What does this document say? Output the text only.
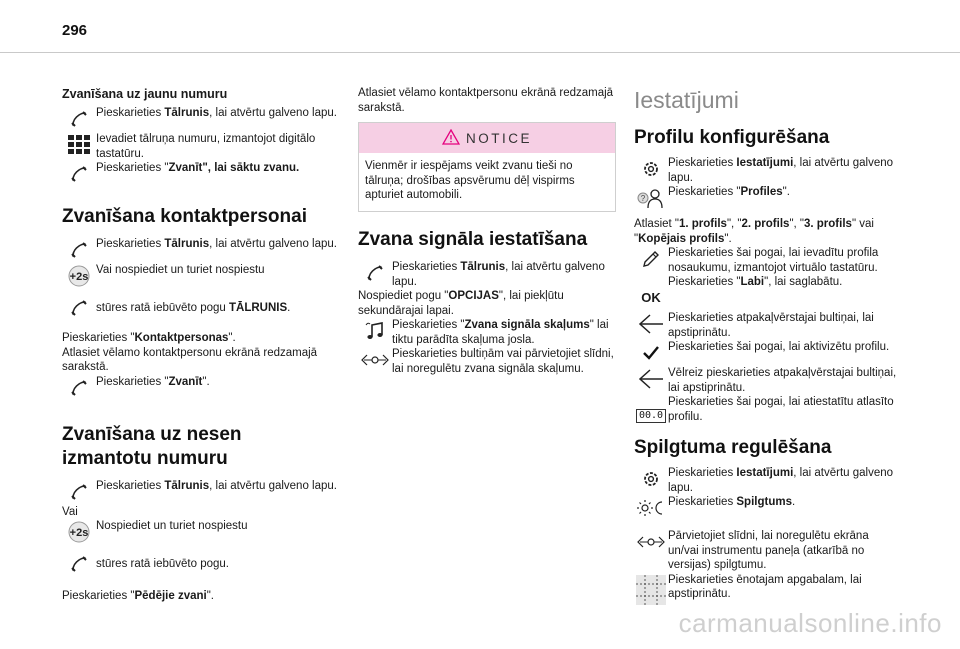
296
Zvanīšana uz jaunu numuru
Pieskarieties Tālrunis, lai atvērtu galveno lapu.
Ievadiet tālruņa numuru, izmantojot digitālo tastatūru.
Pieskarieties "Zvanīt", lai sāktu zvanu.
Zvanīšana kontaktpersonai
Pieskarieties Tālrunis, lai atvērtu galveno lapu.
+2s
Vai nospiediet un turiet nospiestu
stūres ratā iebūvēto pogu TĀLRUNIS.
Pieskarieties "Kontaktpersonas".
Atlasiet vēlamo kontaktpersonu ekrānā redzamajā sarakstā.
Pieskarieties "Zvanīt".
Zvanīšana uz nesen izmantotu numuru
Pieskarieties Tālrunis, lai atvērtu galveno lapu.
Vai
+2s
Nospiediet un turiet nospiestu
stūres ratā iebūvēto pogu.
Pieskarieties "Pēdējie zvani".
Atlasiet vēlamo kontaktpersonu ekrānā redzamajā sarakstā.
NOTICE
Vienmēr ir iespējams veikt zvanu tieši no tālruņa; drošības apsvērumu dēļ vispirms apturiet automobili.
Zvana signāla iestatīšana
Pieskarieties Tālrunis, lai atvērtu galveno lapu.
Nospiediet pogu "OPCIJAS", lai piekļūtu sekundārajai lapai.
Pieskarieties "Zvana signāla skaļums" lai tiktu parādīta skaļuma josla.
Pieskarieties bultiņām vai pārvietojiet slīdni, lai noregulētu zvana signāla skaļumu.
Iestatījumi
Profilu konfigurēšana
Pieskarieties Iestatījumi, lai atvērtu galveno lapu.
?
Pieskarieties "Profiles".
Atlasiet "1. profils", "2. profils", "3. profils" vai "Kopējais profils".
Pieskarieties šai pogai, lai ievadītu profila nosaukumu, izmantojot virtuālo tastatūru.
OK
Pieskarieties "Labi", lai saglabātu.
Pieskarieties atpakaļvērstajai bultiņai, lai apstiprinātu.
Pieskarieties šai pogai, lai aktivizētu profilu.
Vēlreiz pieskarieties atpakaļvērstajai bultiņai, lai apstiprinātu.
00.0
Pieskarieties šai pogai, lai atiestatītu atlasīto profilu.
Spilgtuma regulēšana
Pieskarieties Iestatījumi, lai atvērtu galveno lapu.
Pieskarieties Spilgtums.
Pārvietojiet slīdni, lai noregulētu ekrāna un/vai instrumentu paneļa (atkarībā no versijas) spilgtumu.
Pieskarieties ēnotajam apgabalam, lai apstiprinātu.
carmanualsonline.info
